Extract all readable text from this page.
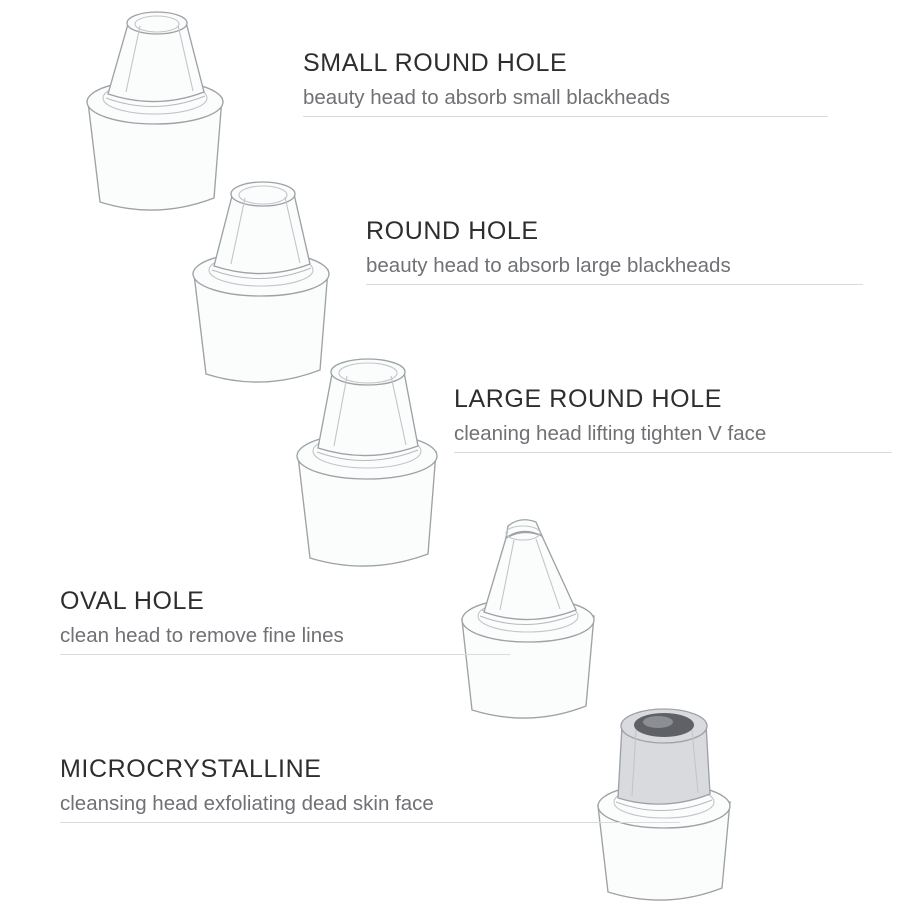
SMALL ROUND HOLE
beauty head to absorb small blackheads
ROUND HOLE
beauty head to absorb large blackheads
LARGE ROUND HOLE
cleaning head lifting tighten V face
OVAL HOLE
clean head to remove fine lines
MICROCRYSTALLINE
cleansing head exfoliating dead skin face
